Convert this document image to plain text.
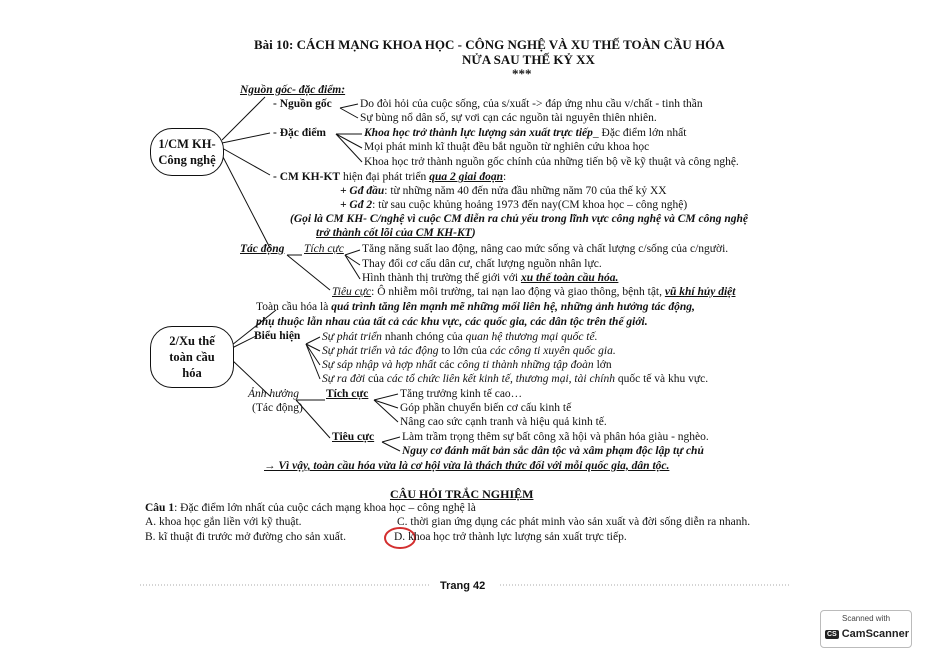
Bài 10: CÁCH MẠNG KHOA HỌC - CÔNG NGHỆ VÀ XU THẾ TOÀN CẦU HÓA
NỬA SAU THẾ KỶ XX
***
1/CM KH- Công nghệ
Nguồn gốc- đặc điểm:
- Nguồn gốc Do đòi hỏi của cuộc sống, của s/xuất -> đáp ứng nhu cầu v/chất - tinh thần
Sự bùng nổ dân số, sự vơi cạn các nguồn tài nguyên thiên nhiên.
- Đặc điểm	Khoa học trở thành lực lượng sản xuất trực tiếp_ Đặc điểm lớn nhất
Mọi phát minh kĩ thuật đều bắt nguồn từ nghiên cứu khoa học
Khoa học trở thành nguồn gốc chính của những tiến bộ về kỹ thuật và công nghệ.
- CM KH-KT hiện đại phát triển qua 2 giai đoạn:
+ Gđ đầu: từ những năm 40 đến nửa đầu những năm 70 của thế kỷ XX
+ Gđ 2: từ sau cuộc khủng hoảng 1973 đến nay(CM khoa học – công nghệ)
(Gọi là CM KH- C/nghệ vì cuộc CM diễn ra chủ yếu trong lĩnh vực công nghệ và CM công nghệ
trở thành cốt lõi của CM KH-KT)
Tác động Tích cực Tăng năng suất lao động, nâng cao mức sống và chất lượng c/sống của c/người.
Thay đổi cơ cấu dân cư, chất lượng nguồn nhân lực.
Hình thành thị trường thế giới với xu thế toàn cầu hóa.
Tiêu cực: Ô nhiễm môi trường, tai nạn lao động và giao thông, bệnh tật, vũ khí hủy diệt
2/Xu thế toàn cầu hóa
Toàn cầu hóa là quá trình tăng lên mạnh mẽ những mối liên hệ, những ảnh hưởng tác động,
phụ thuộc lẫn nhau của tất cả các khu vực, các quốc gia, các dân tộc trên thế giới.
Biểu hiện Sự phát triển nhanh chóng của quan hệ thương mại quốc tế.
Sự phát triển và tác động to lớn của các công ti xuyên quốc gia.
Sự sáp nhập và hợp nhất các công ti thành những tập đoàn lớn
Sự ra đời của các tổ chức liên kết kinh tế, thương mại, tài chính quốc tế và khu vực.
Ảnh hưởng
(Tác động)
Tích cực	Tăng trưởng kinh tế cao…
Góp phần chuyển biến cơ cấu kinh tế
Nâng cao sức cạnh tranh và hiệu quả kinh tế.
Tiêu cực Làm trầm trọng thêm sự bất công xã hội và phân hóa giàu - nghèo.
Nguy cơ đánh mất bản sắc dân tộc và xâm phạm độc lập tự chủ
→ Vì vậy, toàn cầu hóa vừa là cơ hội vừa là thách thức đối với mỗi quốc gia, dân tộc.
CÂU HỎI TRẮC NGHIỆM
Câu 1: Đặc điểm lớn nhất của cuộc cách mạng khoa học – công nghệ là
A. khoa học gắn liền với kỹ thuật.	C. thời gian ứng dụng các phát minh vào sản xuất và đời sống diễn ra nhanh.
B. kĩ thuật đi trước mở đường cho sản xuất.	D. khoa học trở thành lực lượng sản xuất trực tiếp.
Trang 42
Scanned with
CS CamScanner
